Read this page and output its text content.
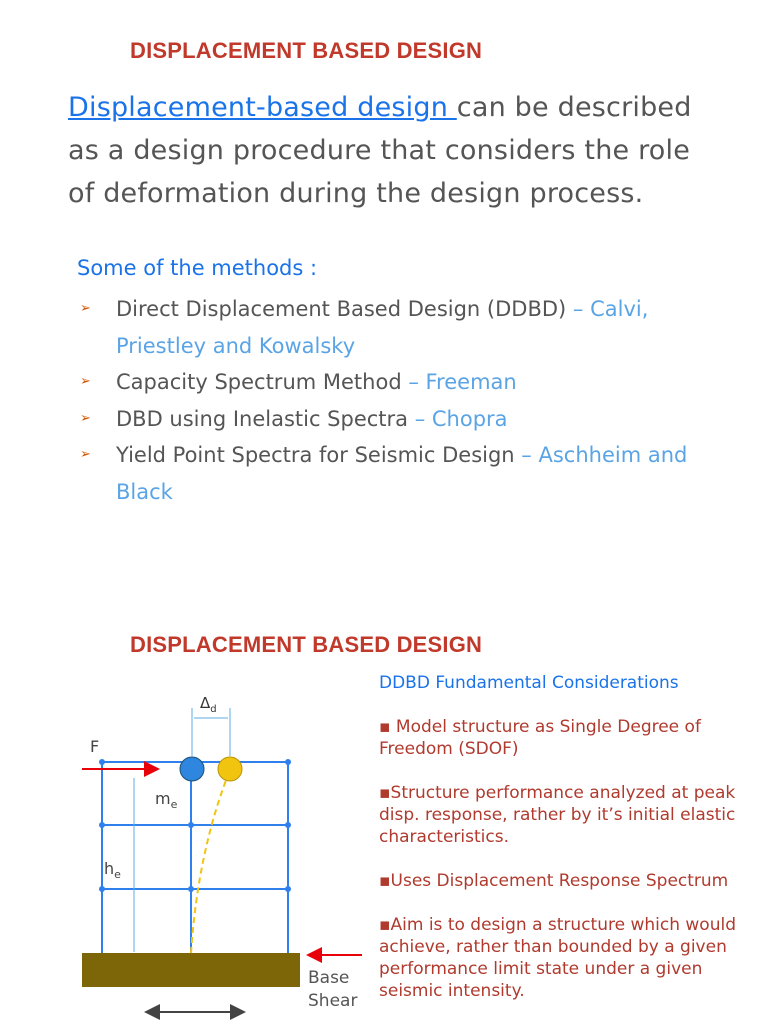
DISPLACEMENT BASED DESIGN

Displacement-based design can be described as a design procedure that considers the role of deformation during the design process.

Some of the methods :

➢ Direct Displacement Based Design (DDBD) – Calvi, Priestley and Kowalsky
➢ Capacity Spectrum Method – Freeman
➢ DBD using Inelastic Spectra – Chopra
➢ Yield Point Spectra for Seismic Design – Aschheim and Black
DISPLACEMENT BASED DESIGN

DDBD Fundamental Considerations

▪ Model structure as Single Degree of Freedom (SDOF)

▪Structure performance analyzed at peak disp. response, rather by it’s initial elastic characteristics.

▪Uses Displacement Response Spectrum

▪Aim is to design a structure which would achieve, rather than bounded by a given performance limit state under a given seismic intensity.

$\Delta_d$
F
$m_e$
$h_e$
Base
Shear
